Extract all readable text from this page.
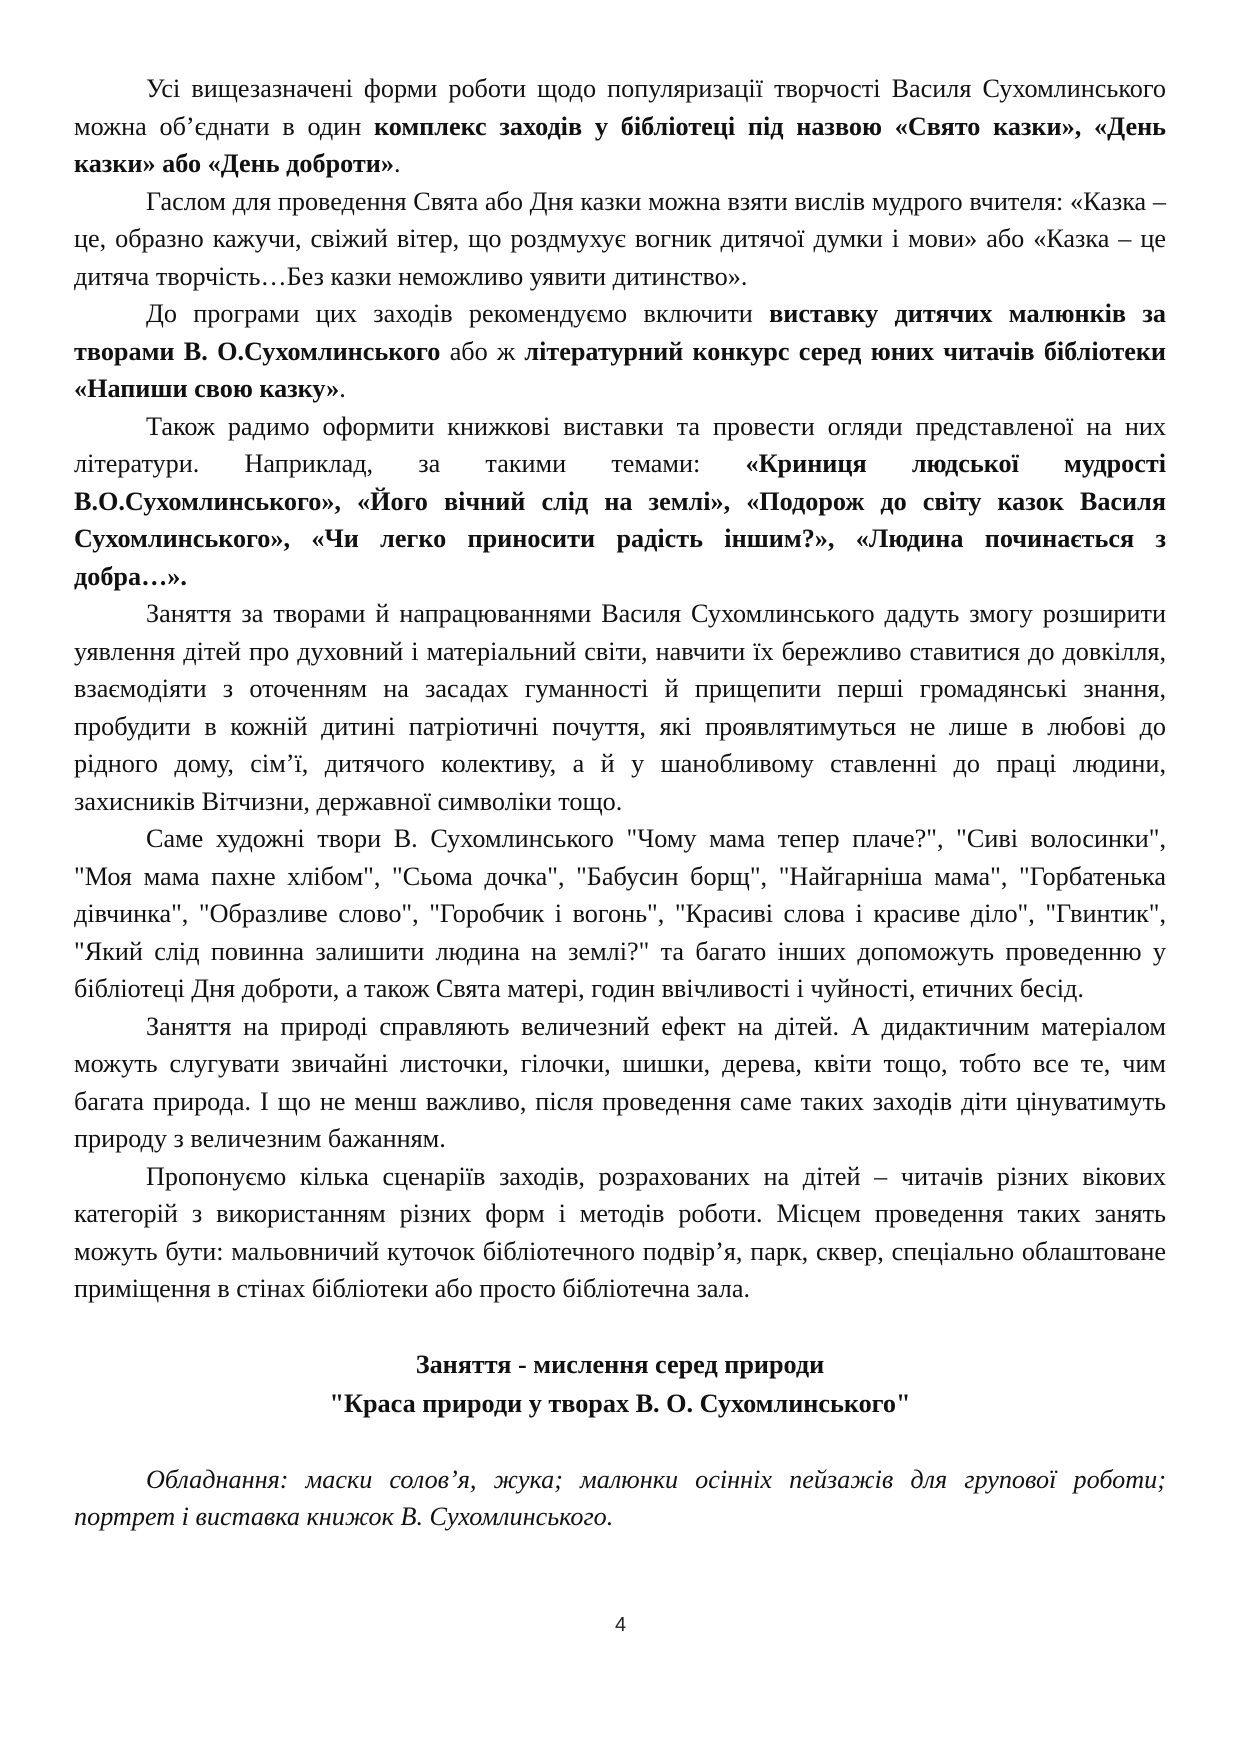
Усі вищезазначені форми роботи щодо популяризації творчості Василя Сухомлинського можна об’єднати в один комплекс заходів у бібліотеці під назвою «Свято казки», «День казки» або «День доброти».

Гаслом для проведення Свята або Дня казки можна взяти вислів мудрого вчителя: «Казка – це, образно кажучи, свіжий вітер, що роздмухує вогник дитячої думки і мови» або «Казка – це дитяча творчість…Без казки неможливо уявити дитинство».

До програми цих заходів рекомендуємо включити виставку дитячих малюнків за творами В. О.Сухомлинського або ж літературний конкурс серед юних читачів бібліотеки «Напиши свою казку».

Також радимо оформити книжкові виставки та провести огляди представленої на них літератури. Наприклад, за такими темами: «Криниця людської мудрості В.О.Сухомлинського», «Його вічний слід на землі», «Подорож до світу казок Василя Сухомлинського», «Чи легко приносити радість іншим?», «Людина починається з добра…».

Заняття за творами й напрацюваннями Василя Сухомлинського дадуть змогу розширити уявлення дітей про духовний і матеріальний світи, навчити їх бережливо ставитися до довкілля, взаємодіяти з оточенням на засадах гуманності й прищепити перші громадянські знання, пробудити в кожній дитині патріотичні почуття, які проявлятимуться не лише в любові до рідного дому, сім’ї, дитячого колективу, а й у шанобливому ставленні до праці людини, захисників Вітчизни, державної символіки тощо.

Саме художні твори В. Сухомлинського "Чому мама тепер плаче?", "Сиві волосинки", "Моя мама пахне хлібом", "Сьома дочка", "Бабусин борщ", "Найгарніша мама", "Горбатенька дівчинка", "Образливе слово", "Горобчик і вогонь", "Красиві слова і красиве діло", "Гвинтик", "Який слід повинна залишити людина на землі?" та багато інших допоможуть проведенню у бібліотеці Дня доброти, а також Свята матері, годин ввічливості і чуйності, етичних бесід.

Заняття на природі справляють величезний ефект на дітей. А дидактичним матеріалом можуть слугувати звичайні листочки, гілочки, шишки, дерева, квіти тощо, тобто все те, чим багата природа. І що не менш важливо, після проведення саме таких заходів діти цінуватимуть природу з величезним бажанням.

Пропонуємо кілька сценаріїв заходів, розрахованих на дітей – читачів різних вікових категорій з використанням різних форм і методів роботи. Місцем проведення таких занять можуть бути: мальовничий куточок бібліотечного подвір’я, парк, сквер, спеціально облаштоване приміщення в стінах бібліотеки або просто бібліотечна зала.

Заняття - мислення серед природи
"Краса природи у творах В. О. Сухомлинського"

Обладнання: маски солов’я, жука; малюнки осінніх пейзажів для групової роботи; портрет і виставка книжок В. Сухомлинського.

4
